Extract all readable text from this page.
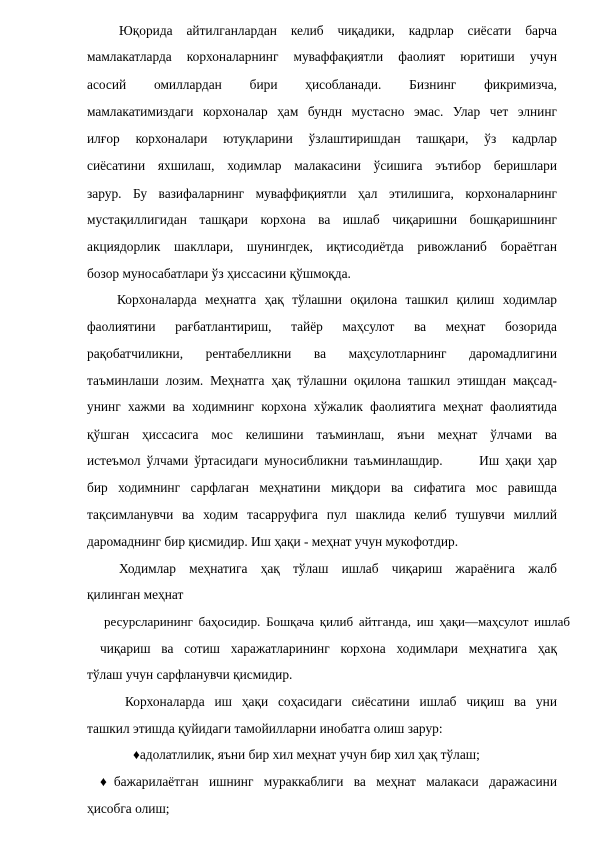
Юқорида айтилганлардан келиб чиқадики, кадрлар сиёсати барча
мамлакатларда корхоналарнинг муваффақиятли фаолият юритиши учун
асосий омиллардан бири ҳисобланади. Бизнинг фикримизча,
мамлакатимиздаги корхоналар ҳам бундн мустасно эмас. Улар чет элнинг
илғор корхоналари ютуқларини ўзлаштиришдан ташқари, ўз кадрлар
сиёсатини яхшилаш, ходимлар малакасини ўсишига эътибор беришлари
зарур. Бу вазифаларнинг муваффиқиятли ҳал этилишига, корхоналарнинг
мустақиллигидан ташқари корхона ва ишлаб чиқаришни бошқаришнинг
акциядорлик шакллари, шунингдек, иқтисодиётда ривожланиб бораётган
бозор муносабатлари ўз ҳиссасини қўшмоқда.
Корхоналарда меҳнатга ҳақ тўлашни оқилона ташкил қилиш ходимлар
фаолиятини рағбатлантириш, тайёр маҳсулот ва меҳнат бозорида
рақобатчиликни, рентабелликни ва маҳсулотларнинг даромадлигини
таъминлаши лозим. Меҳнатга ҳақ тўлашни оқилона ташкил этишдан мақсад-
унинг хажми ва ходимнинг корхона хўжалик фаолиятига меҳнат фаолиятида
қўшган ҳиссасига мос келишини таъминлаш, яъни меҳнат ўлчами ва
истеъмол ўлчами ўртасидаги муносибликни таъминлашдир.      Иш ҳақи ҳар
бир ходимнинг сарфлаган меҳнатини миқдори ва сифатига мос равишда
тақсимланувчи ва ходим тасарруфига пул шаклида келиб тушувчи миллий
даромаднинг бир қисмидир. Иш ҳақи - меҳнат учун мукофотдир.
Ходимлар меҳнатига ҳақ тўлаш ишлаб чиқариш жараёнига жалб
қилинган меҳнат
ресурсларининг баҳосидир. Бошқача қилиб айтганда, иш ҳақи—маҳсулот ишлаб
чиқариш ва сотиш харажатларининг корхона ходимлари меҳнатига ҳақ
тўлаш учун сарфланувчи қисмидир.
Корхоналарда иш ҳақи соҳасидаги сиёсатини ишлаб чиқиш ва уни
ташкил этишда қуйидаги тамойилларни инобатга олиш зарур:
♦адолатлилик, яъни бир хил меҳнат учун бир хил ҳақ тўлаш;
♦бажарилаётган ишнинг мураккаблиги ва меҳнат малакаси даражасини
ҳисобга олиш;
